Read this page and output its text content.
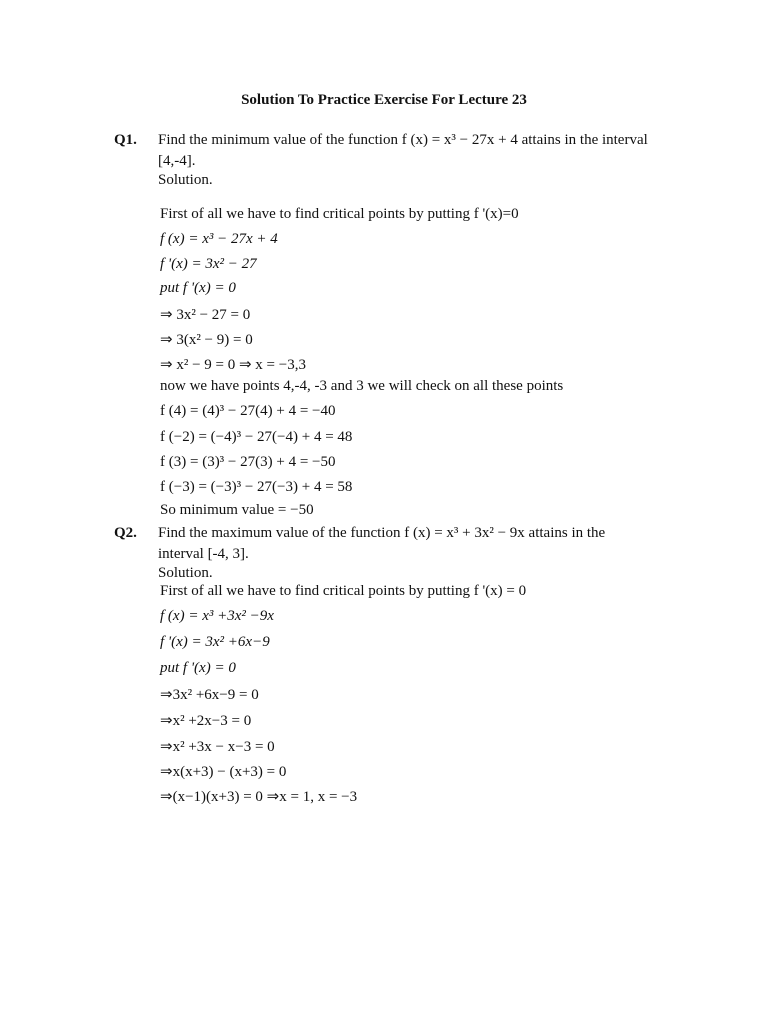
Solution To Practice Exercise For Lecture 23
Q1. Find the minimum value of the function f (x) = x³ − 27x + 4 attains in the interval
[4,-4].
Solution.
First of all we have to find critical points by putting f '(x)=0
f (x) = x³ − 27x + 4
f '(x) = 3x² − 27
put f '(x) = 0
⇒ 3x² − 27 = 0
⇒ 3(x² − 9) = 0
⇒ x² − 9 = 0 ⇒ x = −3,3
now we have points 4,-4, -3 and 3 we will check on all these points
f (4) = (4)³ − 27(4) + 4 = −40
f (−2) = (−4)³ − 27(−4) + 4 = 48
f (3) = (3)³ − 27(3) + 4 = −50
f (−3) = (−3)³ − 27(−3) + 4 = 58
So minimum value = −50
Q2. Find the maximum value of the function f (x) = x³ + 3x² − 9x attains in the
interval [-4, 3].
Solution.
First of all we have to find critical points by putting f '(x) = 0
f (x) = x³ +3x² −9x
f '(x) = 3x² +6x−9
put f '(x) = 0
⇒3x² +6x−9 = 0
⇒x² +2x−3 = 0
⇒x² +3x − x−3 = 0
⇒x(x+3) − (x+3) = 0
⇒(x−1)(x+3) = 0 ⇒x = 1, x = −3
